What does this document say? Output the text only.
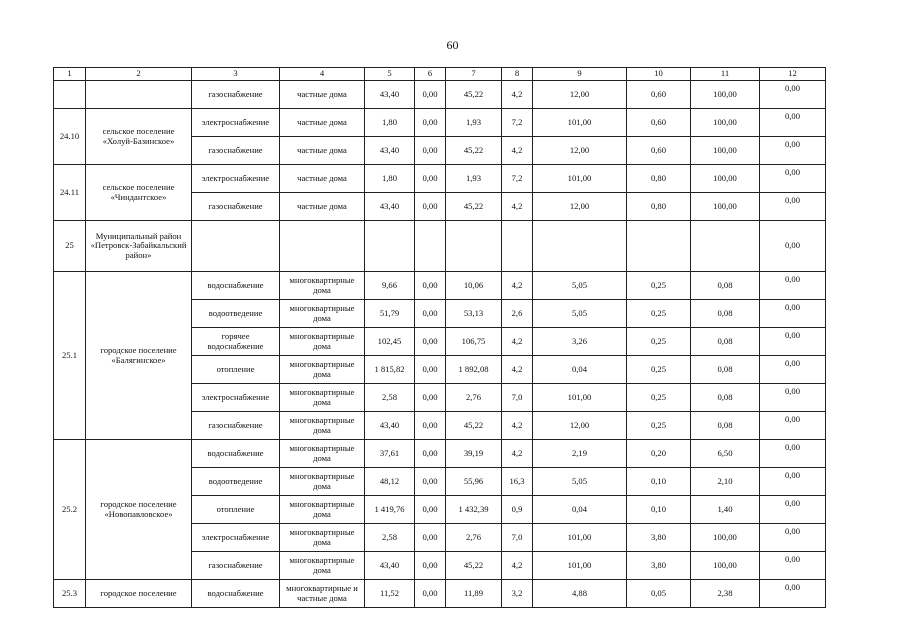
60
1	2	3	4	5	6	7	8	9	10	11	12
		газоснабжение	частные дома	43,40	0,00	45,22	4,2	12,00	0,60	100,00	0,00
24.10	сельское поселение «Холуй-Базинское»	электроснабжение	частные дома	1,80	0,00	1,93	7,2	101,00	0,60	100,00	0,00
		газоснабжение	частные дома	43,40	0,00	45,22	4,2	12,00	0,60	100,00	0,00
24.11	сельское поселение «Чиндантское»	электроснабжение	частные дома	1,80	0,00	1,93	7,2	101,00	0,80	100,00	0,00
		газоснабжение	частные дома	43,40	0,00	45,22	4,2	12,00	0,80	100,00	0,00
25	Муниципальный район «Петровск-Забайкальский район»										0,00
25.1	городское поселение «Балягинское»	водоснабжение	многоквартирные дома	9,66	0,00	10,06	4,2	5,05	0,25	0,08	0,00
		водоотведение	многоквартирные дома	51,79	0,00	53,13	2,6	5,05	0,25	0,08	0,00
		горячее водоснабжение	многоквартирные дома	102,45	0,00	106,75	4,2	3,26	0,25	0,08	0,00
		отопление	многоквартирные дома	1 815,82	0,00	1 892,08	4,2	0,04	0,25	0,08	0,00
		электроснабжение	многоквартирные дома	2,58	0,00	2,76	7,0	101,00	0,25	0,08	0,00
		газоснабжение	многоквартирные дома	43,40	0,00	45,22	4,2	12,00	0,25	0,08	0,00
25.2	городское поселение «Новопавловское»	водоснабжение	многоквартирные дома	37,61	0,00	39,19	4,2	2,19	0,20	6,50	0,00
		водоотведение	многоквартирные дома	48,12	0,00	55,96	16,3	5,05	0,10	2,10	0,00
		отопление	многоквартирные дома	1 419,76	0,00	1 432,39	0,9	0,04	0,10	1,40	0,00
		электроснабжение	многоквартирные дома	2,58	0,00	2,76	7,0	101,00	3,80	100,00	0,00
		газоснабжение	многоквартирные дома	43,40	0,00	45,22	4,2	101,00	3,80	100,00	0,00
25.3	городское поселение	водоснабжение	многоквартирные и частные дома	11,52	0,00	11,89	3,2	4,88	0,05	2,38	0,00
